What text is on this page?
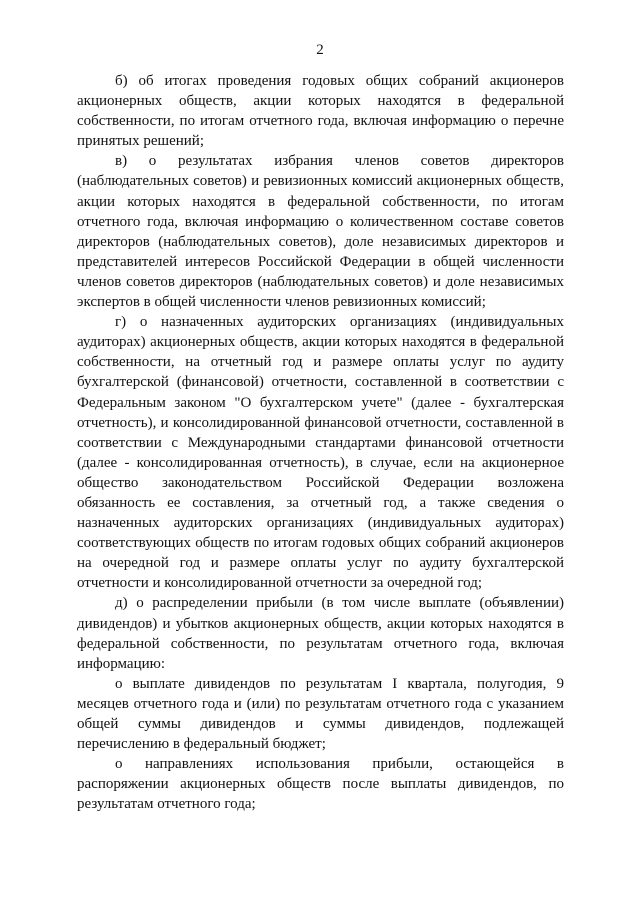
2

б) об итогах проведения годовых общих собраний акционеров акционерных обществ, акции которых находятся в федеральной собственности, по итогам отчетного года, включая информацию о перечне принятых решений;

в) о результатах избрания членов советов директоров (наблюдательных советов) и ревизионных комиссий акционерных обществ, акции которых находятся в федеральной собственности, по итогам отчетного года, включая информацию о количественном составе советов директоров (наблюдательных советов), доле независимых директоров и представителей интересов Российской Федерации в общей численности членов советов директоров (наблюдательных советов) и доле независимых экспертов в общей численности членов ревизионных комиссий;

г) о назначенных аудиторских организациях (индивидуальных аудиторах) акционерных обществ, акции которых находятся в федеральной собственности, на отчетный год и размере оплаты услуг по аудиту бухгалтерской (финансовой) отчетности, составленной в соответствии с Федеральным законом "О бухгалтерском учете" (далее - бухгалтерская отчетность), и консолидированной финансовой отчетности, составленной в соответствии с Международными стандартами финансовой отчетности (далее - консолидированная отчетность), в случае, если на акционерное общество законодательством Российской Федерации возложена обязанность ее составления, за отчетный год, а также сведения о назначенных аудиторских организациях (индивидуальных аудиторах) соответствующих обществ по итогам годовых общих собраний акционеров на очередной год и размере оплаты услуг по аудиту бухгалтерской отчетности и консолидированной отчетности за очередной год;

д) о распределении прибыли (в том числе выплате (объявлении) дивидендов) и убытков акционерных обществ, акции которых находятся в федеральной собственности, по результатам отчетного года, включая информацию:

о выплате дивидендов по результатам I квартала, полугодия, 9 месяцев отчетного года и (или) по результатам отчетного года с указанием общей суммы дивидендов и суммы дивидендов, подлежащей перечислению в федеральный бюджет;

о направлениях использования прибыли, остающейся в распоряжении акционерных обществ после выплаты дивидендов, по результатам отчетного года;
